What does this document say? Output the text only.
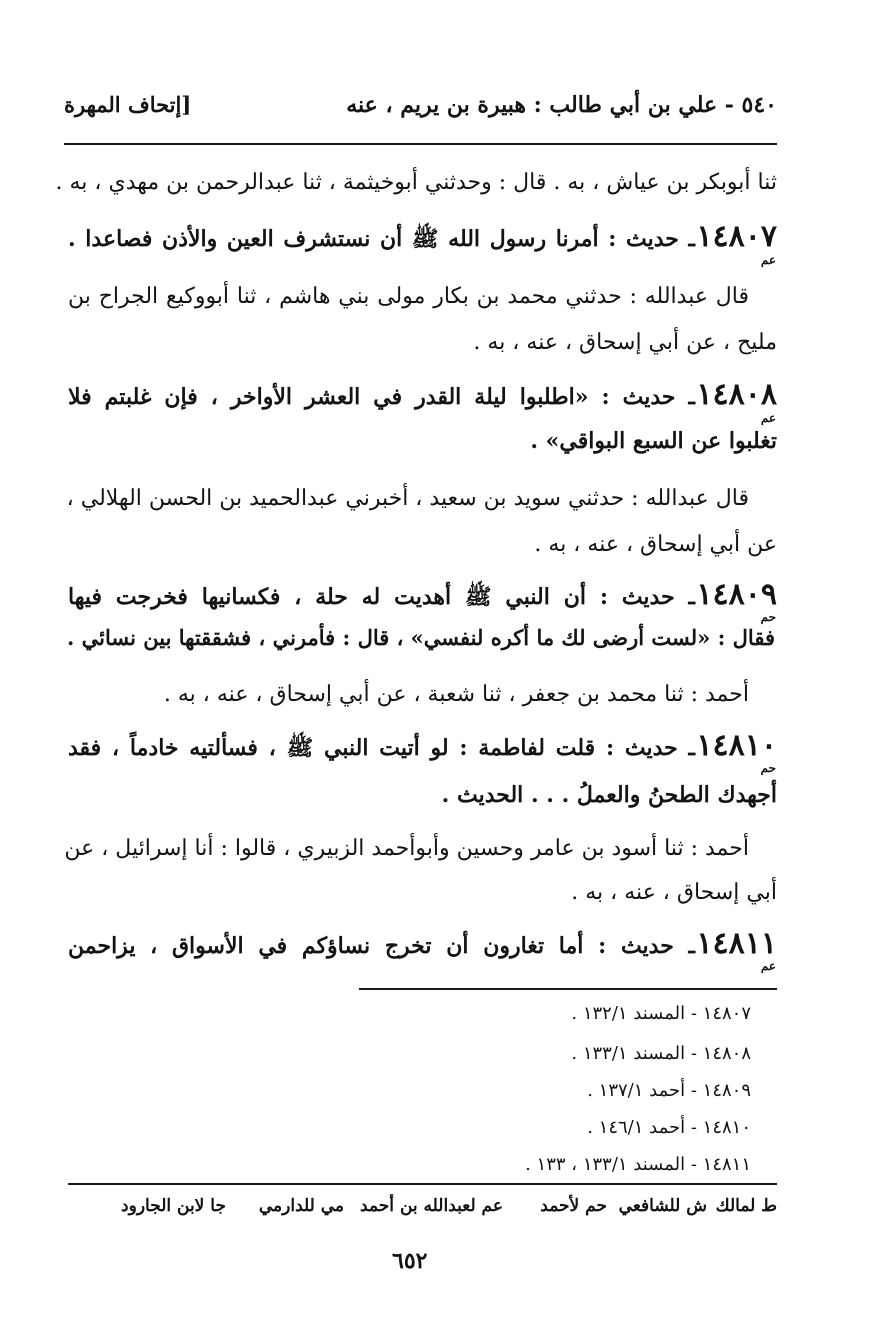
٥٤٠ - علي بن أبي طالب : هبيرة بن يريم ، عنه
[إتحاف المهرة
ثنا أبوبكر بن عياش ، به . قال : وحدثني أبوخيثمة ، ثنا عبدالرحمن بن مهدي ، به .
١٤٨٠٧
عم
ـ حديث : أمرنا رسول الله ﷺ أن نستشرف العين والأذن فصاعدا .
قال عبدالله : حدثني محمد بن بكار مولى بني هاشم ، ثنا أبووكيع الجراح بن
مليح ، عن أبي إسحاق ، عنه ، به .
١٤٨٠٨
عم
ـ حديث : «اطلبوا ليلة القدر في العشر الأواخر ، فإن غلبتم فلا
تغلبوا عن السبع البواقي» .
قال عبدالله : حدثني سويد بن سعيد ، أخبرني عبدالحميد بن الحسن الهلالي ،
عن أبي إسحاق ، عنه ، به .
١٤٨٠٩
حم
ـ حديث : أن النبي ﷺ أهديت له حلة ، فكسانيها فخرجت فيها
فقال : «لست أرضى لك ما أكره لنفسي» ، قال : فأمرني ، فشققتها بين نسائي .
أحمد : ثنا محمد بن جعفر ، ثنا شعبة ، عن أبي إسحاق ، عنه ، به .
١٤٨١٠
حم
ـ حديث : قلت لفاطمة : لو أتيت النبي ﷺ ، فسألتيه خادماً ، فقد
أجهدك الطحنُ والعملُ . . . الحديث .
أحمد : ثنا أسود بن عامر وحسين وأبوأحمد الزبيري ، قالوا : أنا إسرائيل ، عن
أبي إسحاق ، عنه ، به .
١٤٨١١
عم
ـ حديث : أما تغارون أن تخرج نساؤكم في الأسواق ، يزاحمن
١٤٨٠٧ - المسند ١٣٢/١ .
١٤٨٠٨ - المسند ١٣٣/١ .
١٤٨٠٩ - أحمد ١٣٧/١ .
١٤٨١٠ - أحمد ١٤٦/١ .
١٤٨١١ - المسند ١٣٣/١ ، ١٣٣ .
ط لمالك
ش للشافعي
حم لأحمد
عم لعبدالله بن أحمد
مي للدارمي
جا لابن الجارود
٦٥٢
